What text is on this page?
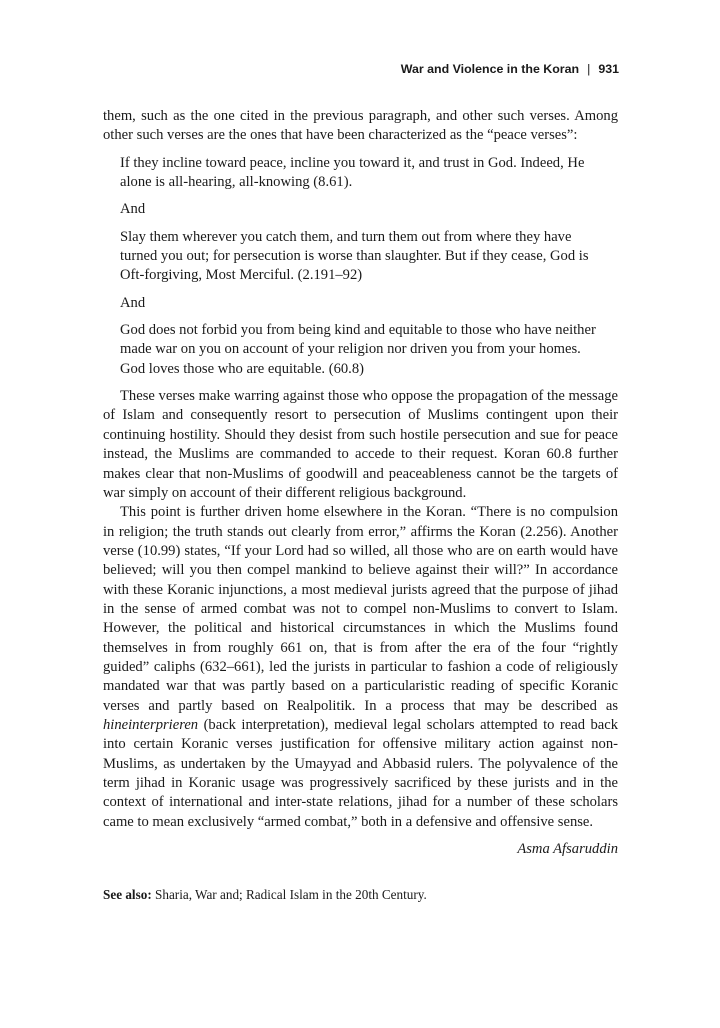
War and Violence in the Koran | 931

them, such as the one cited in the previous paragraph, and other such verses. Among other such verses are the ones that have been characterized as the “peace verses”:

If they incline toward peace, incline you toward it, and trust in God. Indeed, He alone is all-hearing, all-knowing (8.61).
And
Slay them wherever you catch them, and turn them out from where they have turned you out; for persecution is worse than slaughter. But if they cease, God is Oft-forgiving, Most Merciful. (2.191–92)
And
God does not forbid you from being kind and equitable to those who have neither made war on you on account of your religion nor driven you from your homes. God loves those who are equitable. (60.8)

These verses make warring against those who oppose the propagation of the message of Islam and consequently resort to persecution of Muslims contingent upon their continuing hostility. Should they desist from such hostile persecution and sue for peace instead, the Muslims are commanded to accede to their request. Koran 60.8 further makes clear that non-Muslims of goodwill and peaceableness cannot be the targets of war simply on account of their different religious background.

This point is further driven home elsewhere in the Koran. “There is no compulsion in religion; the truth stands out clearly from error,” affirms the Koran (2.256). Another verse (10.99) states, “If your Lord had so willed, all those who are on earth would have believed; will you then compel mankind to believe against their will?” In accordance with these Koranic injunctions, a most medieval jurists agreed that the purpose of jihad in the sense of armed combat was not to compel non-Muslims to convert to Islam. However, the political and historical circumstances in which the Muslims found themselves in from roughly 661 on, that is from after the era of the four “rightly guided” caliphs (632–661), led the jurists in particular to fashion a code of religiously mandated war that was partly based on a particularistic reading of specific Koranic verses and partly based on Realpolitik. In a process that may be described as hineinterprieren (back interpretation), medieval legal scholars attempted to read back into certain Koranic verses justification for offensive military action against non-Muslims, as undertaken by the Umayyad and Abbasid rulers. The polyvalence of the term jihad in Koranic usage was progressively sacrificed by these jurists and in the context of international and inter-state relations, jihad for a number of these scholars came to mean exclusively “armed combat,” both in a defensive and offensive sense.

Asma Afsaruddin
See also: Sharia, War and; Radical Islam in the 20th Century.
